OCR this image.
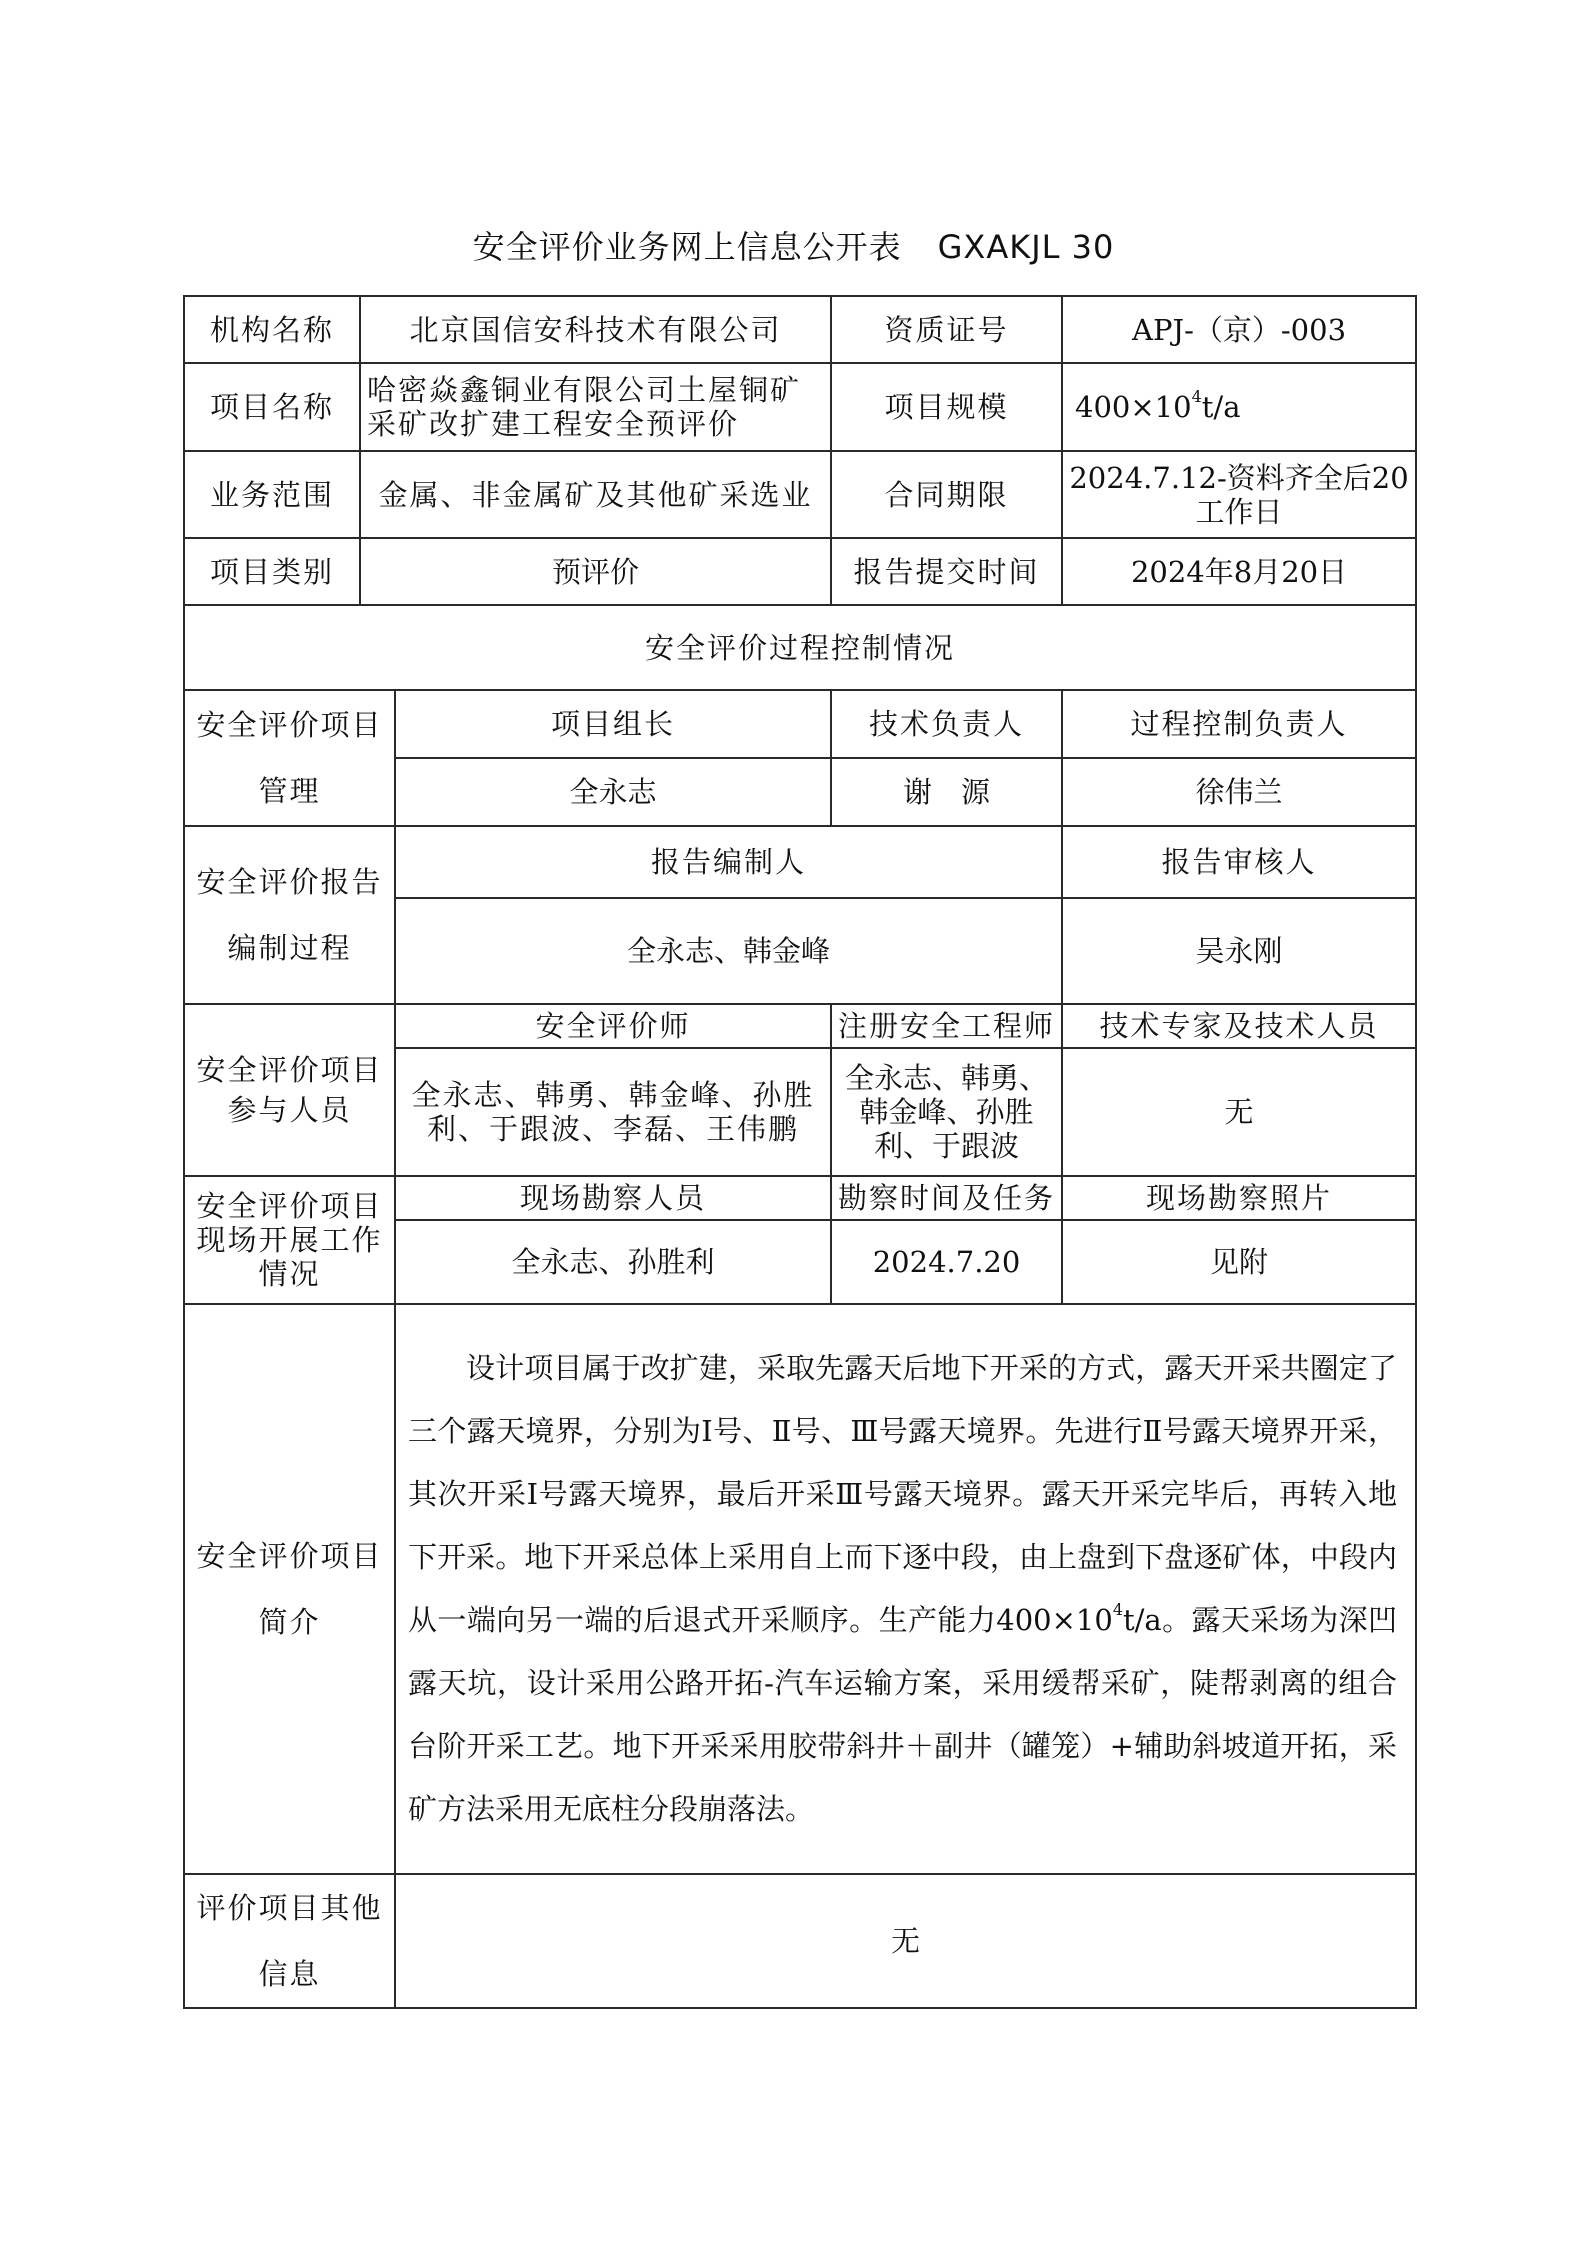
安全评价业务网上信息公开表 GXAKJL 30
机构名称	北京国信安科技术有限公司		资质证号	APJ-（京）-003
项目名称	哈密焱鑫铜业有限公司土屋铜矿采矿改扩建工程安全预评价		项目规模	$400\times 10^4t/a$
业务范围	金属、非金属矿及其他矿采选业		合同期限	2024.7.12-资料齐全后20工作日
项目类别	预评价		报告提交时间	2024年8月20日
安全评价过程控制情况				
安全评价项目管理		项目组长	技术负责人	过程控制负责人
		全永志	谢　源	徐伟兰
安全评价报告编制过程		报告编制人		报告审核人
		全永志、韩金峰		吴永刚
安全评价项目参与人员		安全评价师	注册安全工程师	技术专家及技术人员
		全永志、韩勇、韩金峰、孙胜利、于跟波、李磊、王伟鹏	全永志、韩勇、韩金峰、孙胜利、于跟波	无
安全评价项目现场开展工作情况		现场勘察人员	勘察时间及任务	现场勘察照片
		全永志、孙胜利	2024.7.20	见附
安全评价项目简介		设计项目属于改扩建，采取先露天后地下开采的方式，露天开采共圈定了三个露天境界，分别为Ⅰ号、Ⅱ号、Ⅲ号露天境界。先进行Ⅱ号露天境界开采，其次开采Ⅰ号露天境界，最后开采Ⅲ号露天境界。露天开采完毕后，再转入地下开采。地下开采总体上采用自上而下逐中段，由上盘到下盘逐矿体，中段内从一端向另一端的后退式开采顺序。生产能力$400\times 10^4t/a$。露天采场为深凹露天坑，设计采用公路开拓-汽车运输方案，采用缓帮采矿，陡帮剥离的组合台阶开采工艺。地下开采采用胶带斜井＋副井（罐笼）+辅助斜坡道开拓，采矿方法采用无底柱分段崩落法。		
评价项目其他信息		无		
